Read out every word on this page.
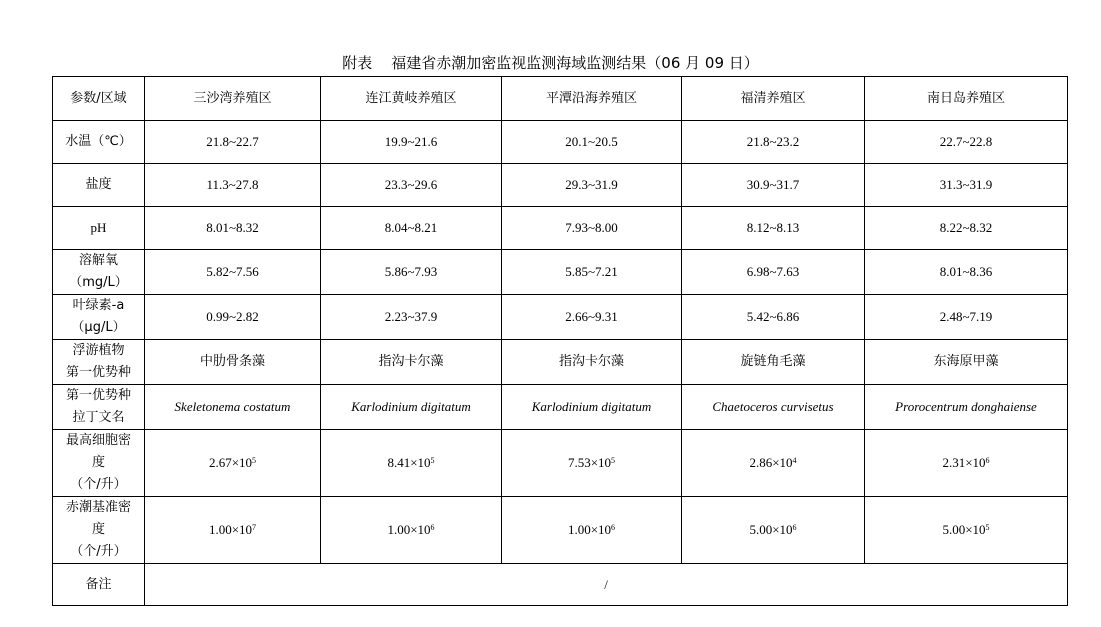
附表    福建省赤潮加密监视监测海域监测结果（06 月 09 日）
参数/区域	三沙湾养殖区	连江黄岐养殖区	平潭沿海养殖区	福清养殖区	南日岛养殖区
水温（℃）	21.8~22.7	19.9~21.6	20.1~20.5	21.8~23.2	22.7~22.8
盐度	11.3~27.8	23.3~29.6	29.3~31.9	30.9~31.7	31.3~31.9
pH	8.01~8.32	8.04~8.21	7.93~8.00	8.12~8.13	8.22~8.32

溶解氧
（mg/L）	5.82~7.56	5.86~7.93	5.85~7.21	6.98~7.63	8.01~8.36

叶绿素-a
（μg/L）	0.99~2.82	2.23~37.9	2.66~9.31	5.42~6.86	2.48~7.19

浮游植物
第一优势种	中肋骨条藻	指沟卡尔藻	指沟卡尔藻	旋链角毛藻	东海原甲藻

第一优势种
拉丁文名	Skeletonema costatum	Karlodinium digitatum	Karlodinium digitatum	Chaetoceros curvisetus	Prorocentrum donghaiense

最高细胞密
度
（个/升）	$2.67\times 10^5$	$8.41\times 10^5$	$7.53\times 10^5$	$2.86\times 10^4$	$2.31\times 10^6$

赤潮基准密
度
（个/升）	$1.00\times 10^7$	$1.00\times 10^6$	$1.00\times 10^6$	$5.00\times 10^6$	$5.00\times 10^5$
备注	/				
